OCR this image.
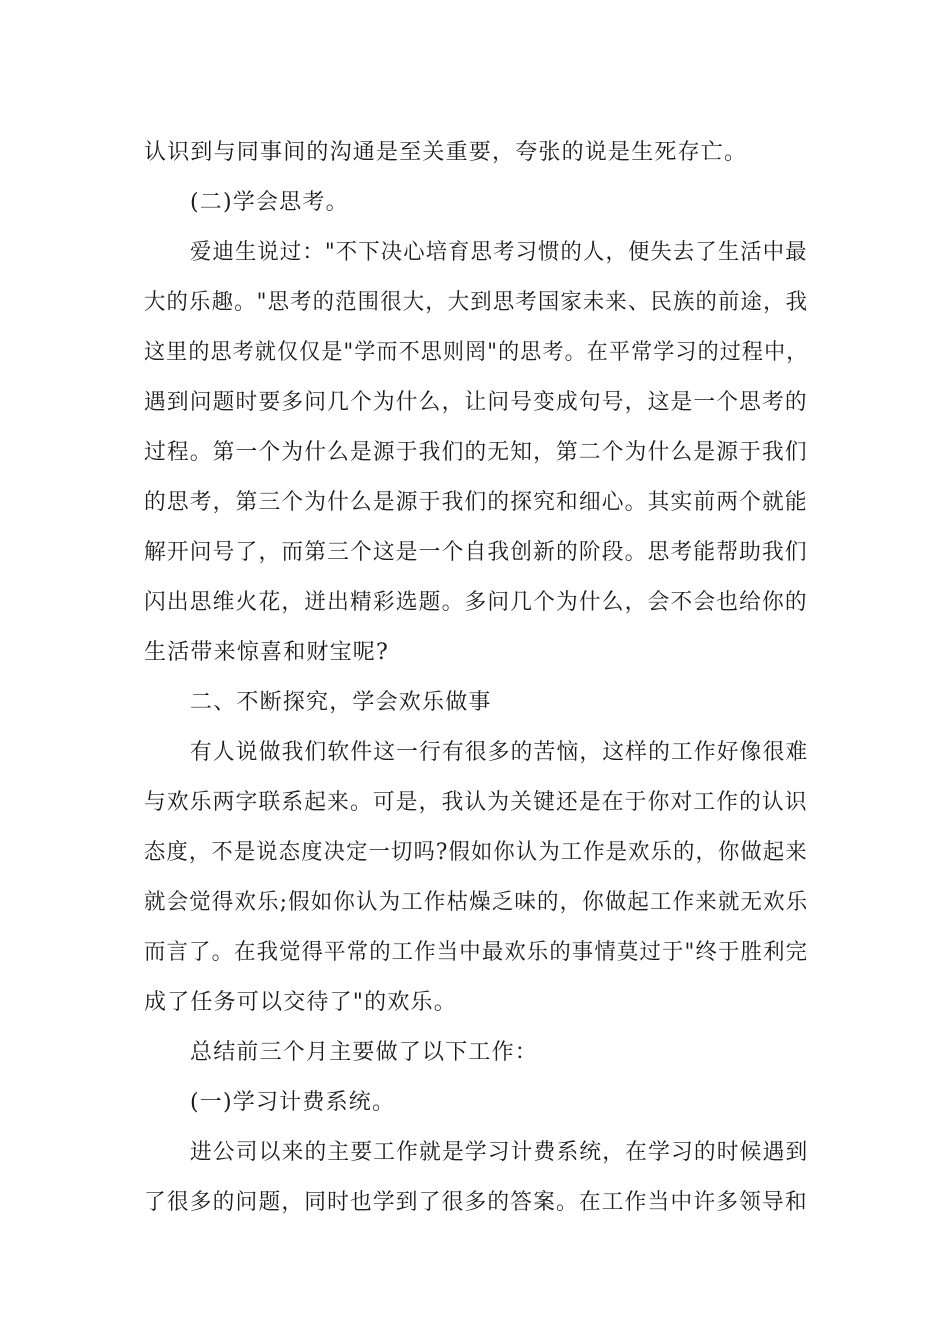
认识到与同事间的沟通是至关重要，夸张的说是生死存亡。

(二)学会思考。

爱迪生说过："不下决心培育思考习惯的人，便失去了生活中最

大的乐趣。"思考的范围很大，大到思考国家未来、民族的前途，我

这里的思考就仅仅是"学而不思则罔"的思考。在平常学习的过程中，

遇到问题时要多问几个为什么，让问号变成句号，这是一个思考的

过程。第一个为什么是源于我们的无知，第二个为什么是源于我们

的思考，第三个为什么是源于我们的探究和细心。其实前两个就能

解开问号了，而第三个这是一个自我创新的阶段。思考能帮助我们

闪出思维火花，迸出精彩选题。多问几个为什么，会不会也给你的

生活带来惊喜和财宝呢?

二、不断探究，学会欢乐做事

有人说做我们软件这一行有很多的苦恼，这样的工作好像很难

与欢乐两字联系起来。可是，我认为关键还是在于你对工作的认识

态度，不是说态度决定一切吗?假如你认为工作是欢乐的，你做起来

就会觉得欢乐;假如你认为工作枯燥乏味的，你做起工作来就无欢乐

而言了。在我觉得平常的工作当中最欢乐的事情莫过于"终于胜利完

成了任务可以交待了"的欢乐。

总结前三个月主要做了以下工作：

(一)学习计费系统。

进公司以来的主要工作就是学习计费系统，在学习的时候遇到

了很多的问题，同时也学到了很多的答案。在工作当中许多领导和
